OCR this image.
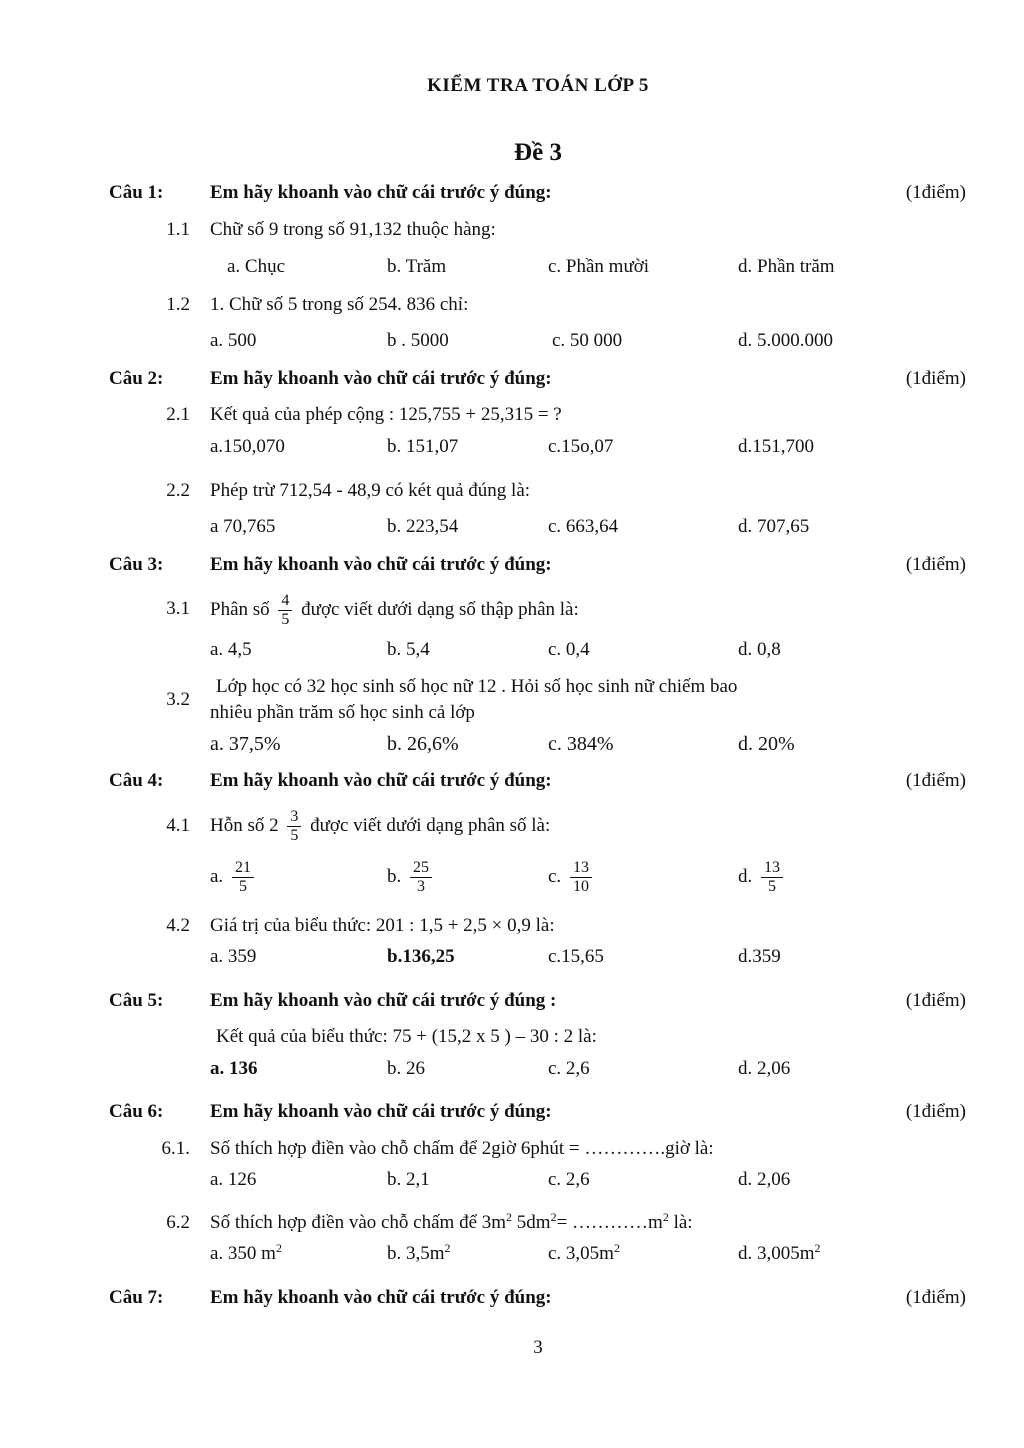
KIỂM TRA TOÁN LỚP 5
Đề 3
Câu 1: Em hãy khoanh vào chữ cái trước ý đúng:	(1điểm)
1.1 Chữ số 9 trong số 91,132 thuộc hàng:
a. Chục	b. Trăm	c. Phần mười	d. Phần trăm
1.2 1. Chữ số 5 trong số 254. 836 chỉ:
a. 500	b . 5000	c. 50 000	d. 5.000.000
Câu 2: Em hãy khoanh vào chữ cái trước ý đúng:	(1điểm)
2.1 Kết quả của phép cộng : 125,755 + 25,315 = ?
a.150,070	b. 151,07	c.15o,07	d.151,700
2.2 Phép trừ 712,54 - 48,9 có két quả đúng là:
a 70,765	b. 223,54	c. 663,64	d. 707,65
Câu 3: Em hãy khoanh vào chữ cái trước ý đúng:	(1điểm)
3.1 Phân số $\frac{4}{5}$ được viết dưới dạng số thập phân là:
a. 4,5	b. 5,4	c. 0,4	d. 0,8
3.2
Lớp học có 32 học sinh số học nữ 12 . Hỏi số học sinh nữ chiếm bao
nhiêu phần trăm số học sinh cả lớp
a. 37,5%	b. 26,6%	c. 384%	d. 20%
Câu 4: Em hãy khoanh vào chữ cái trước ý đúng:	(1điểm)
4.1 Hỗn số $2 \frac{3}{5}$ được viết dưới dạng phân số là:
a. $\frac{21}{5}$	b. $\frac{25}{3}$	c. $\frac{13}{10}$	d. $\frac{13}{5}$
4.2 Giá trị của biểu thức: 201 : 1,5 + 2,5 × 0,9 là:
a. 359	b.136,25	c.15,65	d.359
Câu 5: Em hãy khoanh vào chữ cái trước ý đúng :	(1điểm)
Kết quả của biểu thức: 75 + (15,2 x 5 ) – 30 : 2 là:
a. 136	b. 26	c. 2,6	d. 2,06
Câu 6: Em hãy khoanh vào chữ cái trước ý đúng:	(1điểm)
6.1. Số thích hợp điền vào chỗ chấm để 2giờ 6phút = ………….giờ là:
a. 126	b. 2,1	c. 2,6	d. 2,06
6.2 Số thích hợp điền vào chỗ chấm để $3m^2$ $5dm^2=$ $\dots\dots\dots\dots m^2$ là:
a. 350 $m^2$	b. $3,5m^2$	c. $3,05m^2$	d. $3,005m^2$
Câu 7: Em hãy khoanh vào chữ cái trước ý đúng:	(1điểm)
3
